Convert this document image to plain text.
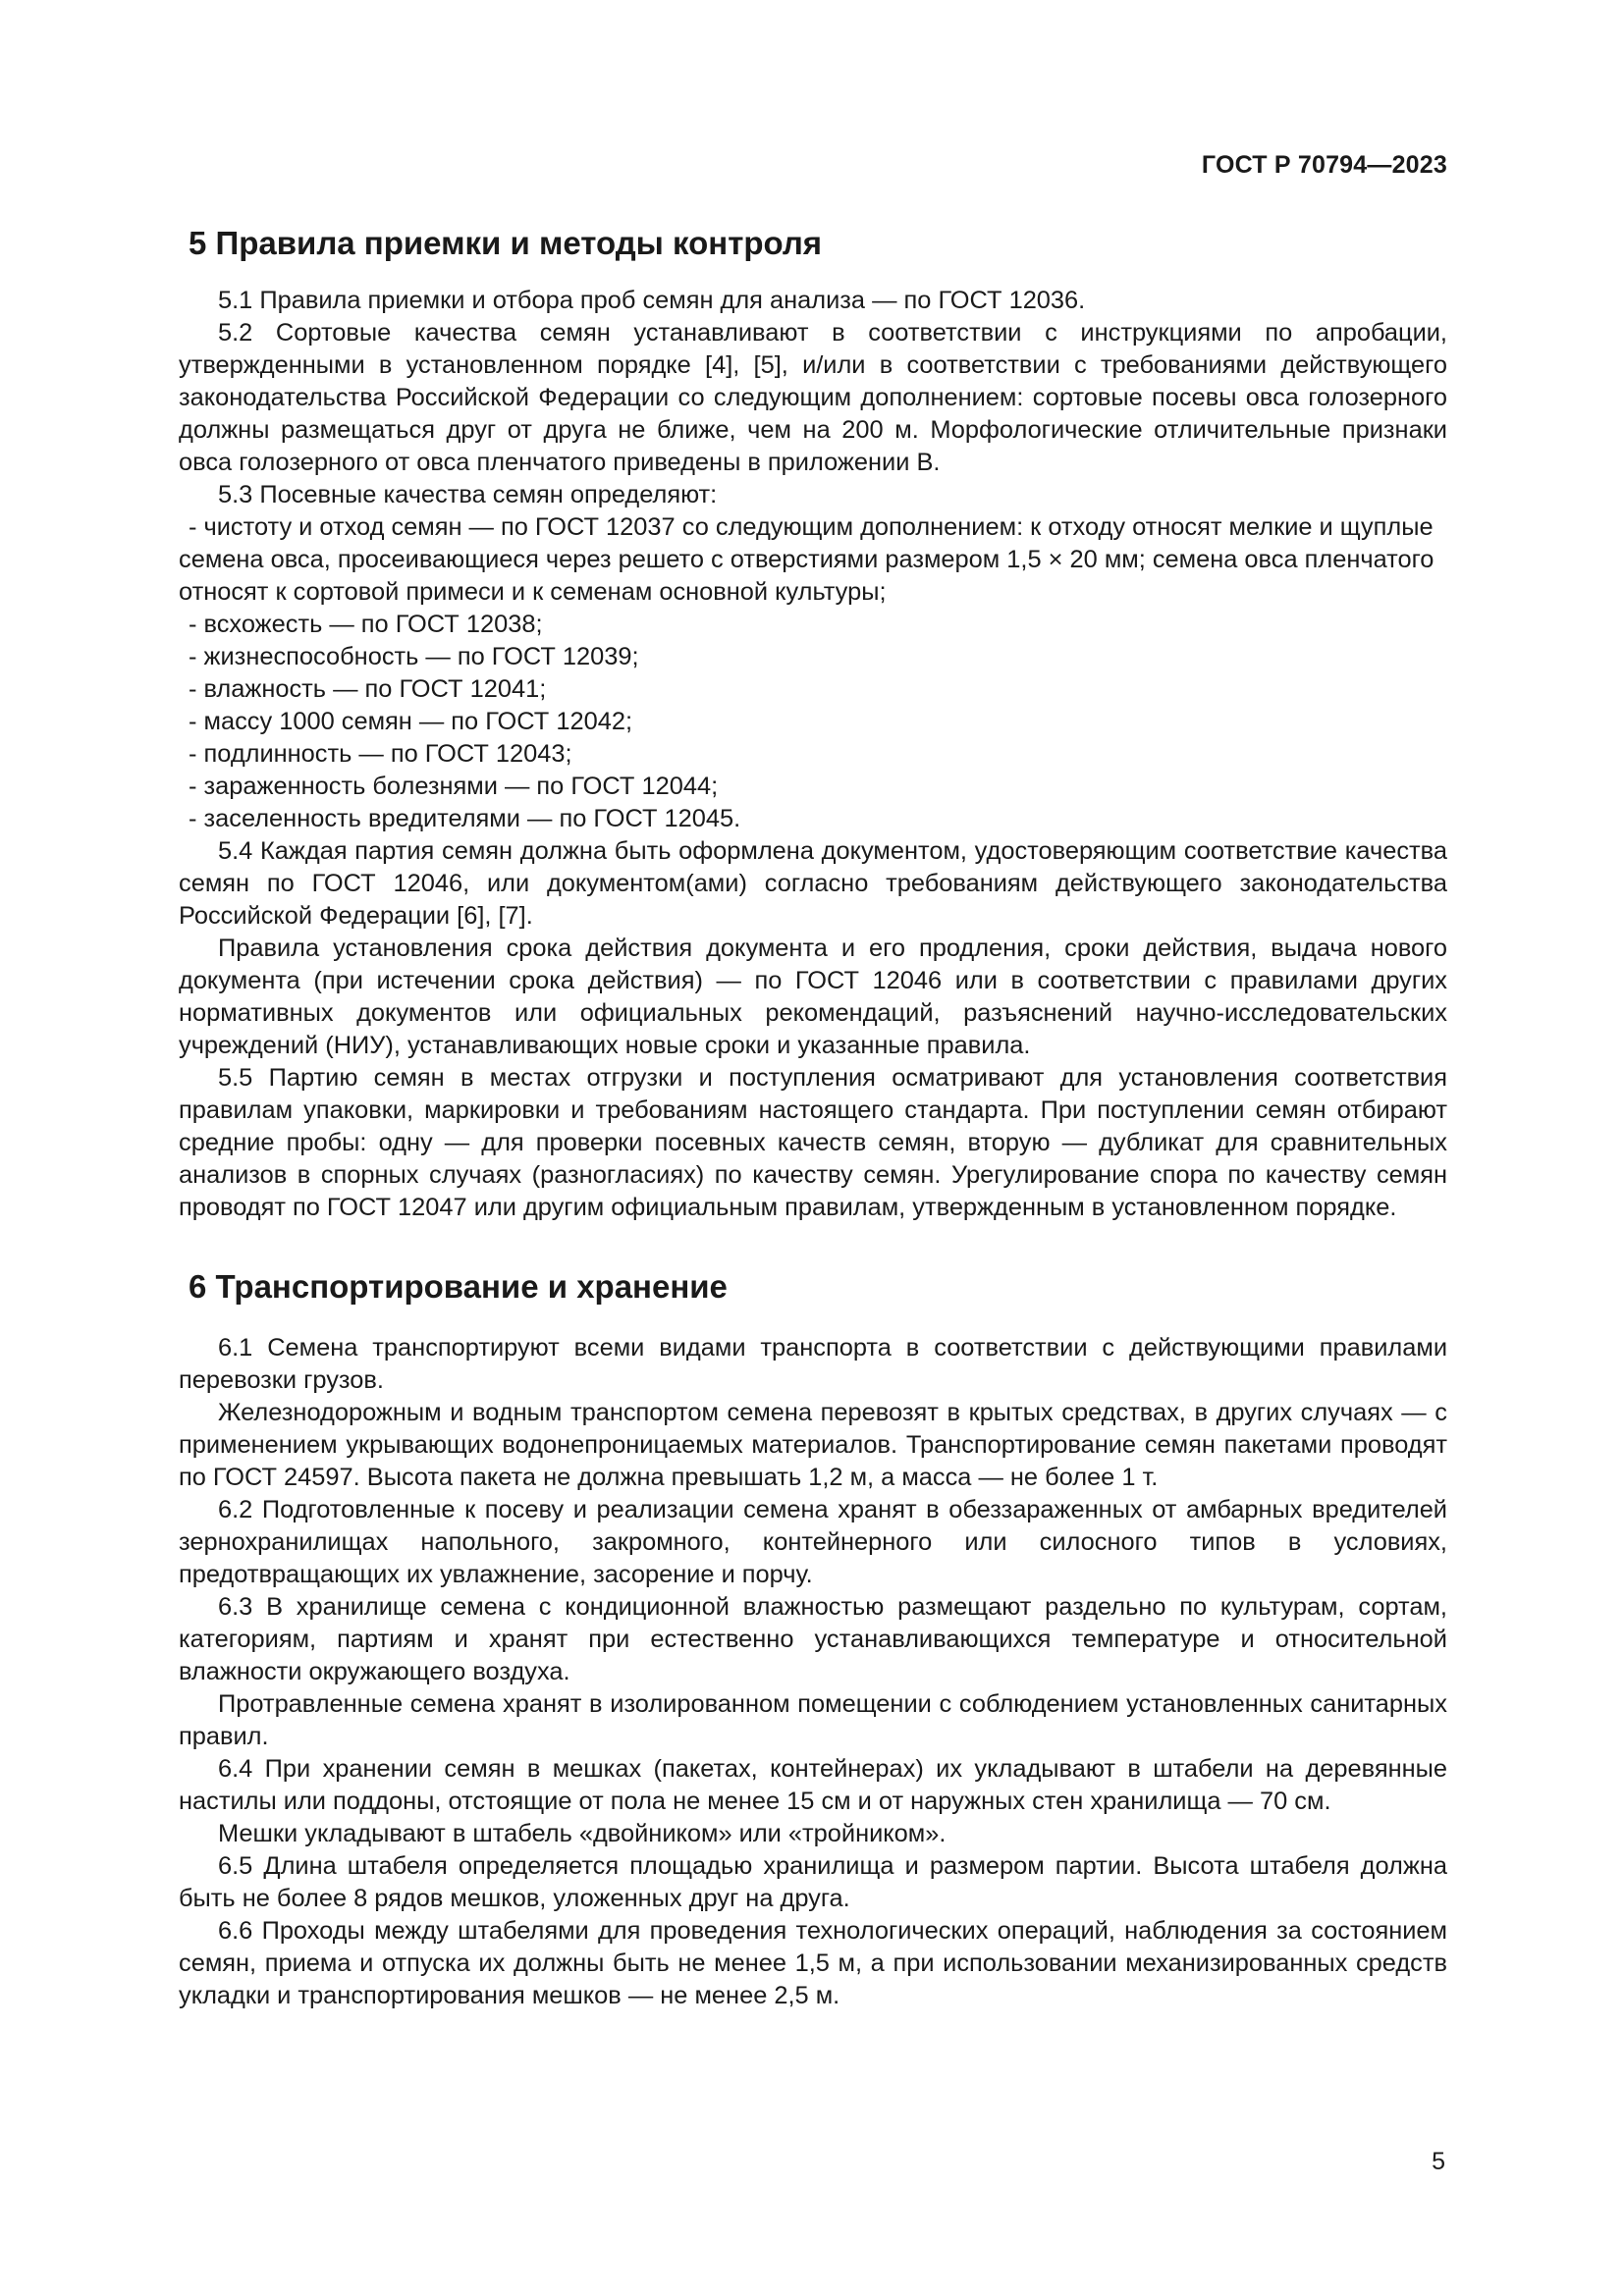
ГОСТ Р 70794—2023
5 Правила приемки и методы контроля

5.1 Правила приемки и отбора проб семян для анализа — по ГОСТ 12036.

5.2 Сортовые качества семян устанавливают в соответствии с инструкциями по апробации, утвержденными в установленном порядке [4], [5], и/или в соответствии с требованиями действующего законодательства Российской Федерации со следующим дополнением: сортовые посевы овса голозерного должны размещаться друг от друга не ближе, чем на 200 м. Морфологические отличительные признаки овса голозерного от овса пленчатого приведены в приложении В.

5.3 Посевные качества семян определяют:

- чистоту и отход семян — по ГОСТ 12037 со следующим дополнением: к отходу относят мелкие и щуплые семена овса, просеивающиеся через решето с отверстиями размером 1,5 × 20 мм; семена овса пленчатого относят к сортовой примеси и к семенам основной культуры;

- всхожесть — по ГОСТ 12038;

- жизнеспособность — по ГОСТ 12039;

- влажность — по ГОСТ 12041;

- массу 1000 семян — по ГОСТ 12042;

- подлинность — по ГОСТ 12043;

- зараженность болезнями — по ГОСТ 12044;

- заселенность вредителями — по ГОСТ 12045.

5.4 Каждая партия семян должна быть оформлена документом, удостоверяющим соответствие качества семян по ГОСТ 12046, или документом(ами) согласно требованиям действующего законодательства Российской Федерации [6], [7].

Правила установления срока действия документа и его продления, сроки действия, выдача нового документа (при истечении срока действия) — по ГОСТ 12046 или в соответствии с правилами других нормативных документов или официальных рекомендаций, разъяснений научно-исследовательских учреждений (НИУ), устанавливающих новые сроки и указанные правила.

5.5 Партию семян в местах отгрузки и поступления осматривают для установления соответствия правилам упаковки, маркировки и требованиям настоящего стандарта. При поступлении семян отбирают средние пробы: одну — для проверки посевных качеств семян, вторую — дубликат для сравнительных анализов в спорных случаях (разногласиях) по качеству семян. Урегулирование спора по качеству семян проводят по ГОСТ 12047 или другим официальным правилам, утвержденным в установленном порядке.

6 Транспортирование и хранение

6.1 Семена транспортируют всеми видами транспорта в соответствии с действующими правилами перевозки грузов.

Железнодорожным и водным транспортом семена перевозят в крытых средствах, в других случаях — с применением укрывающих водонепроницаемых материалов. Транспортирование семян пакетами проводят по ГОСТ 24597. Высота пакета не должна превышать 1,2 м, а масса — не более 1 т.

6.2 Подготовленные к посеву и реализации семена хранят в обеззараженных от амбарных вредителей зернохранилищах напольного, закромного, контейнерного или силосного типов в условиях, предотвращающих их увлажнение, засорение и порчу.

6.3 В хранилище семена с кондиционной влажностью размещают раздельно по культурам, сортам, категориям, партиям и хранят при естественно устанавливающихся температуре и относительной влажности окружающего воздуха.

Протравленные семена хранят в изолированном помещении с соблюдением установленных санитарных правил.

6.4 При хранении семян в мешках (пакетах, контейнерах) их укладывают в штабели на деревянные настилы или поддоны, отстоящие от пола не менее 15 см и от наружных стен хранилища — 70 см.

Мешки укладывают в штабель «двойником» или «тройником».

6.5 Длина штабеля определяется площадью хранилища и размером партии. Высота штабеля должна быть не более 8 рядов мешков, уложенных друг на друга.

6.6 Проходы между штабелями для проведения технологических операций, наблюдения за состоянием семян, приема и отпуска их должны быть не менее 1,5 м, а при использовании механизированных средств укладки и транспортирования мешков — не менее 2,5 м.

5
